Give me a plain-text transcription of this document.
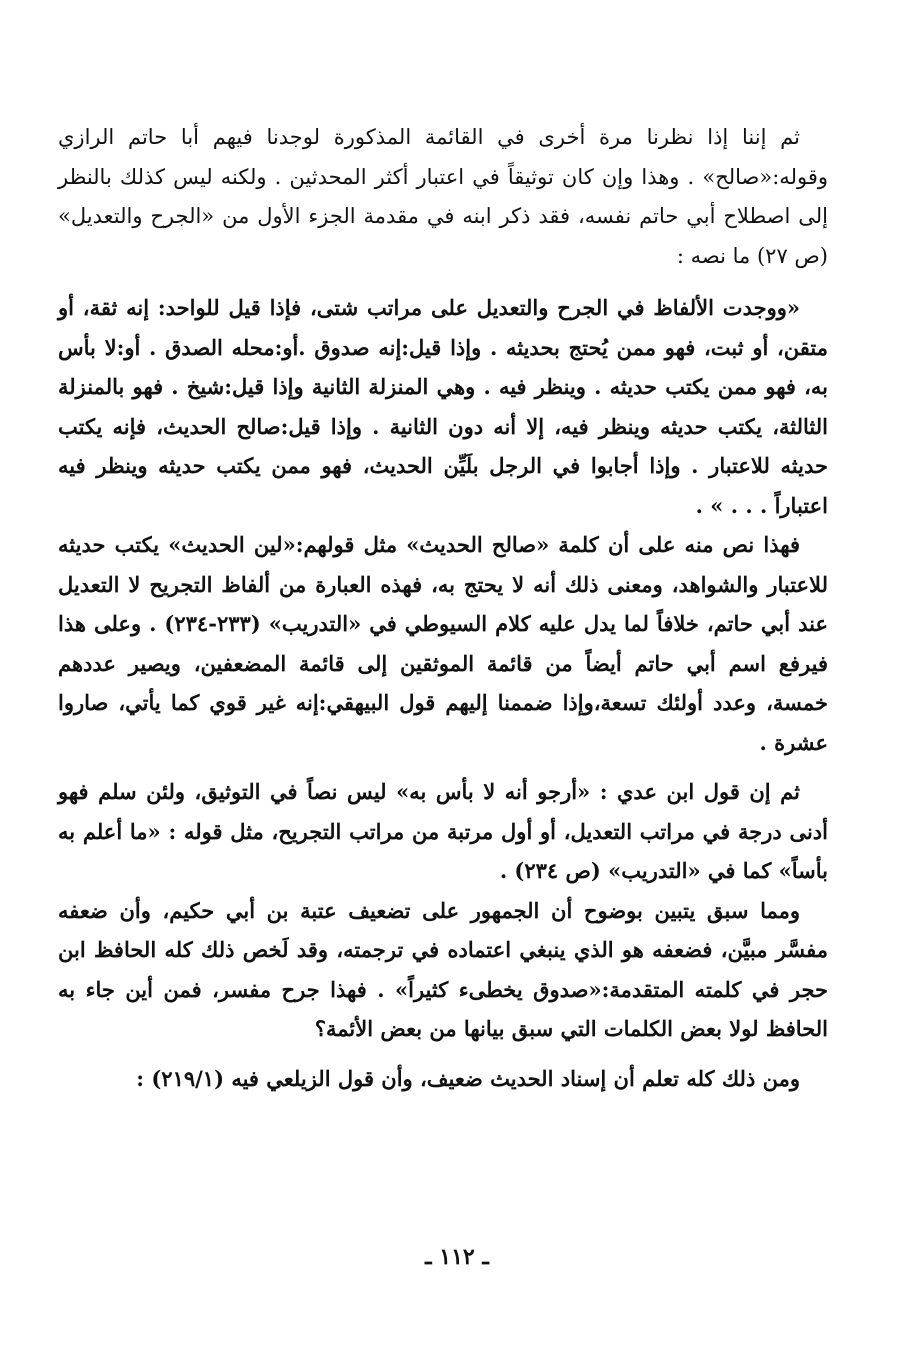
ثم إننا إذا نظرنا مرة أخرى في القائمة المذكورة لوجدنا فيهم أبا حاتم الرازي وقوله:«صالح» . وهذا وإن كان توثيقاً في اعتبار أكثر المحدثين . ولكنه ليس كذلك بالنظر إلى اصطلاح أبي حاتم نفسه، فقد ذكر ابنه في مقدمة الجزء الأول من «الجرح والتعديل» (ص ٢٧) ما نصه :

«ووجدت الألفاظ في الجرح والتعديل على مراتب شتى، فإذا قيل للواحد: إنه ثقة، أو متقن، أو ثبت، فهو ممن يُحتج بحديثه . وإذا قيل:إنه صدوق .أو:محله الصدق . أو:لا بأس به، فهو ممن يكتب حديثه . وينظر فيه . وهي المنزلة الثانية وإذا قيل:شيخ . فهو بالمنزلة الثالثة، يكتب حديثه وينظر فيه، إلا أنه دون الثانية . وإذا قيل:صالح الحديث، فإنه يكتب حديثه للاعتبار . وإذا أجابوا في الرجل بلَيِّن الحديث، فهو ممن يكتب حديثه وينظر فيه اعتباراً . . . » .

فهذا نص منه على أن كلمة «صالح الحديث» مثل قولهم:«لين الحديث» يكتب حديثه للاعتبار والشواهد، ومعنى ذلك أنه لا يحتج به، فهذه العبارة من ألفاظ التجريح لا التعديل عند أبي حاتم، خلافاً لما يدل عليه كلام السيوطي في «التدريب» (٢٣٣-٢٣٤) . وعلى هذا فيرفع اسم أبي حاتم أيضاً من قائمة الموثقين إلى قائمة المضعفين، ويصير عددهم خمسة، وعدد أولئك تسعة،وإذا ضممنا إليهم قول البيهقي:إنه غير قوي كما يأتي، صاروا عشرة .

ثم إن قول ابن عدي : «أرجو أنه لا بأس به» ليس نصاً في التوثيق، ولئن سلم فهو أدنى درجة في مراتب التعديل، أو أول مرتبة من مراتب التجريح، مثل قوله : «ما أعلم به بأساً» كما في «التدريب» (ص ٢٣٤) .

ومما سبق يتبين بوضوح أن الجمهور على تضعيف عتبة بن أبي حكيم، وأن ضعفه مفسَّر مبيَّن، فضعفه هو الذي ينبغي اعتماده في ترجمته، وقد لَخص ذلك كله الحافظ ابن حجر في كلمته المتقدمة:«صدوق يخطىء كثيراً» . فهذا جرح مفسر، فمن أين جاء به الحافظ لولا بعض الكلمات التي سبق بيانها من بعض الأئمة؟

ومن ذلك كله تعلم أن إسناد الحديث ضعيف، وأن قول الزيلعي فيه (٢١٩/١) :

ـ ١١٢ ـ
